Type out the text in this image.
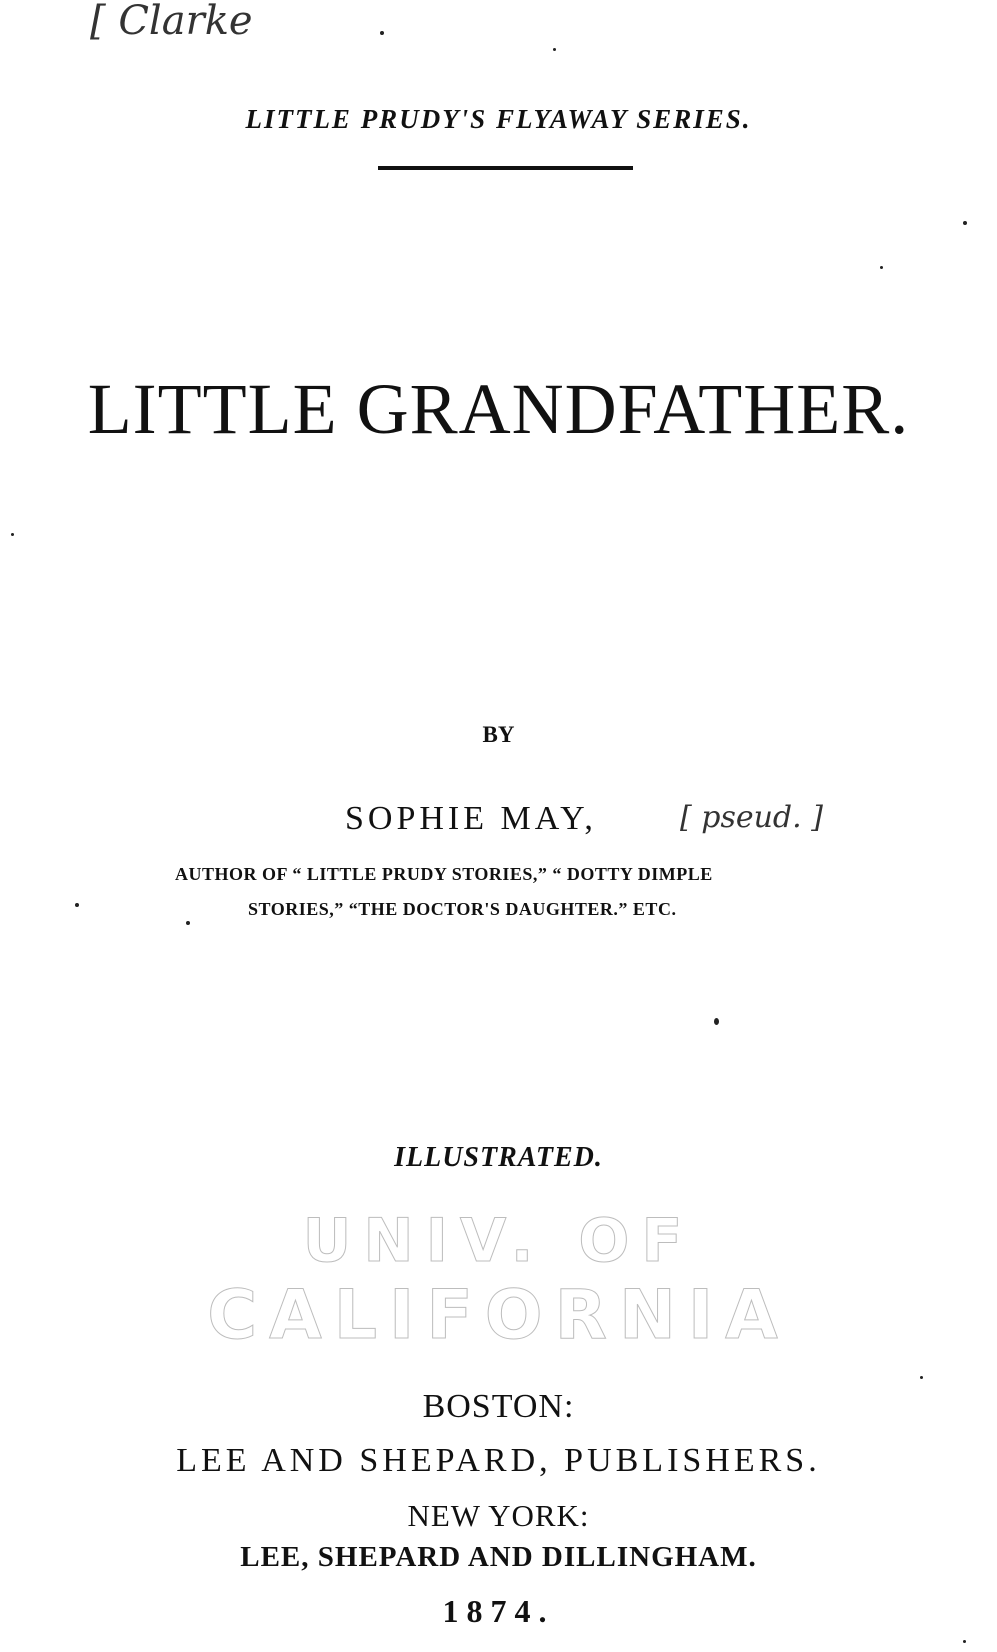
[ Clarke
LITTLE PRUDY'S FLYAWAY SERIES.
LITTLE GRANDFATHER.
BY
SOPHIE MAY,	[ pseud. ]
AUTHOR OF “ LITTLE PRUDY STORIES,” “ DOTTY DIMPLE
STORIES,” “THE DOCTOR'S DAUGHTER.” ETC.
ILLUSTRATED.
UNIV. OF
CALIFORNIA
BOSTON:
LEE AND SHEPARD, PUBLISHERS.
NEW YORK:
LEE, SHEPARD AND DILLINGHAM.
1874.
